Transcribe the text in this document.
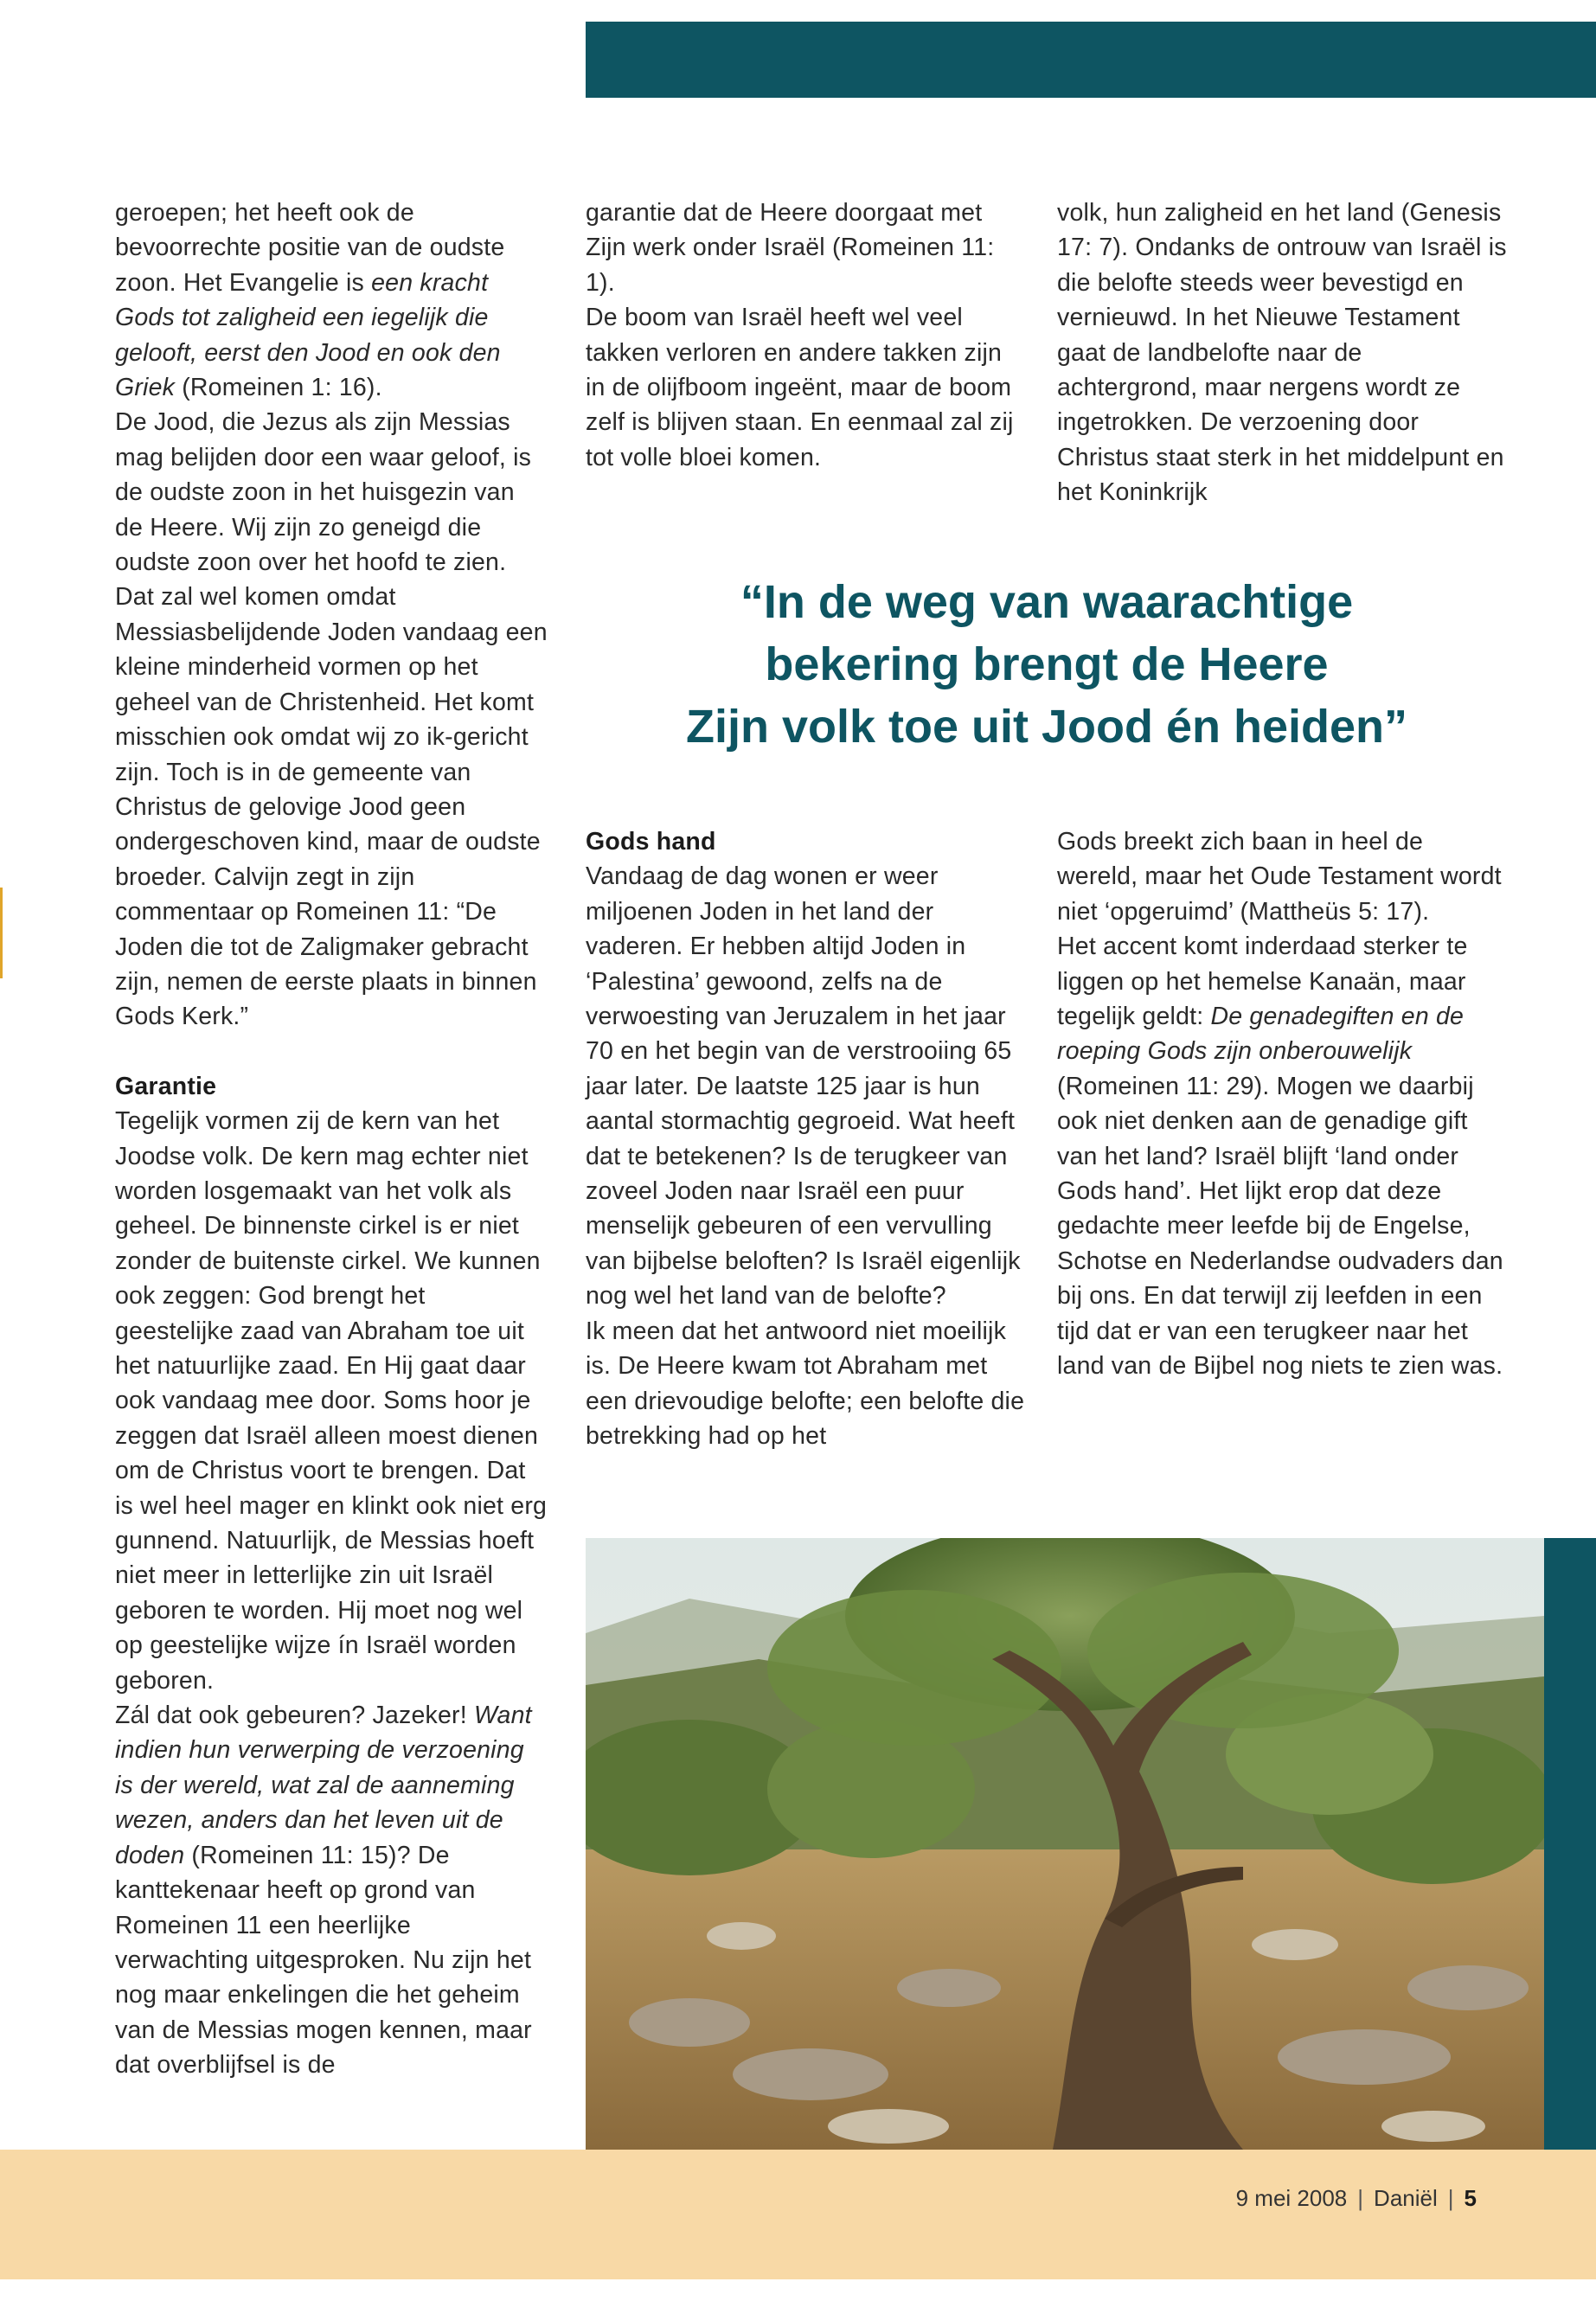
geroepen; het heeft ook de bevoorrechte positie van de oudste zoon. Het Evangelie is een kracht Gods tot zaligheid een iegelijk die gelooft, eerst den Jood en ook den Griek (Romeinen 1: 16).

De Jood, die Jezus als zijn Messias mag belijden door een waar geloof, is de oudste zoon in het huisgezin van de Heere. Wij zijn zo geneigd die oudste zoon over het hoofd te zien. Dat zal wel komen omdat Messiasbelijdende Joden vandaag een kleine minderheid vormen op het geheel van de Christenheid. Het komt misschien ook omdat wij zo ik-gericht zijn. Toch is in de gemeente van Christus de gelovige Jood geen ondergeschoven kind, maar de oudste broeder. Calvijn zegt in zijn commentaar op Romeinen 11: “De Joden die tot de Zaligmaker gebracht zijn, nemen de eerste plaats in binnen Gods Kerk.”

Garantie

Tegelijk vormen zij de kern van het Joodse volk. De kern mag echter niet worden losgemaakt van het volk als geheel. De binnenste cirkel is er niet zonder de buitenste cirkel. We kunnen ook zeggen: God brengt het geestelijke zaad van Abraham toe uit het natuurlijke zaad. En Hij gaat daar ook vandaag mee door. Soms hoor je zeggen dat Israël alleen moest dienen om de Christus voort te brengen. Dat is wel heel mager en klinkt ook niet erg gunnend. Natuurlijk, de Messias hoeft niet meer in letterlijke zin uit Israël geboren te worden. Hij moet nog wel op geestelijke wijze ín Israël worden geboren.

Zál dat ook gebeuren? Jazeker! Want indien hun verwerping de verzoening is der wereld, wat zal de aanneming wezen, anders dan het leven uit de doden (Romeinen 11: 15)? De kanttekenaar heeft op grond van Romeinen 11 een heerlijke verwachting uitgesproken. Nu zijn het nog maar enkelingen die het geheim van de Messias mogen kennen, maar dat overblijfsel is de

garantie dat de Heere doorgaat met Zijn werk onder Israël (Romeinen 11: 1).

De boom van Israël heeft wel veel takken verloren en andere takken zijn in de olijfboom ingeënt, maar de boom zelf is blijven staan. En eenmaal zal zij tot volle bloei komen.

volk, hun zaligheid en het land (Genesis 17: 7). Ondanks de ontrouw van Israël is die belofte steeds weer bevestigd en vernieuwd. In het Nieuwe Testament gaat de landbelofte naar de achtergrond, maar nergens wordt ze ingetrokken. De verzoening door Christus staat sterk in het middelpunt en het Koninkrijk

“In de weg van waarachtige
bekering brengt de Heere
Zijn volk toe uit Jood én heiden”

Gods hand

Vandaag de dag wonen er weer miljoenen Joden in het land der vaderen. Er hebben altijd Joden in ‘Palestina’ gewoond, zelfs na de verwoesting van Jeruzalem in het jaar 70 en het begin van de verstrooiing 65 jaar later. De laatste 125 jaar is hun aantal stormachtig gegroeid. Wat heeft dat te betekenen? Is de terugkeer van zoveel Joden naar Israël een puur menselijk gebeuren of een vervulling van bijbelse beloften? Is Israël eigenlijk nog wel het land van de belofte?

Ik meen dat het antwoord niet moeilijk is. De Heere kwam tot Abraham met een drievoudige belofte; een belofte die betrekking had op het

Gods breekt zich baan in heel de wereld, maar het Oude Testament wordt niet ‘opgeruimd’ (Mattheüs 5: 17).

Het accent komt inderdaad sterker te liggen op het hemelse Kanaän, maar tegelijk geldt: De genadegiften en de roeping Gods zijn onberouwelijk (Romeinen 11: 29). Mogen we daarbij ook niet denken aan de genadige gift van het land? Israël blijft ‘land onder Gods hand’. Het lijkt erop dat deze gedachte meer leefde bij de Engelse, Schotse en Nederlandse oudvaders dan bij ons. En dat terwijl zij leefden in een tijd dat er van een terugkeer naar het land van de Bijbel nog niets te zien was.

9 mei 2008 | Daniël | 5
